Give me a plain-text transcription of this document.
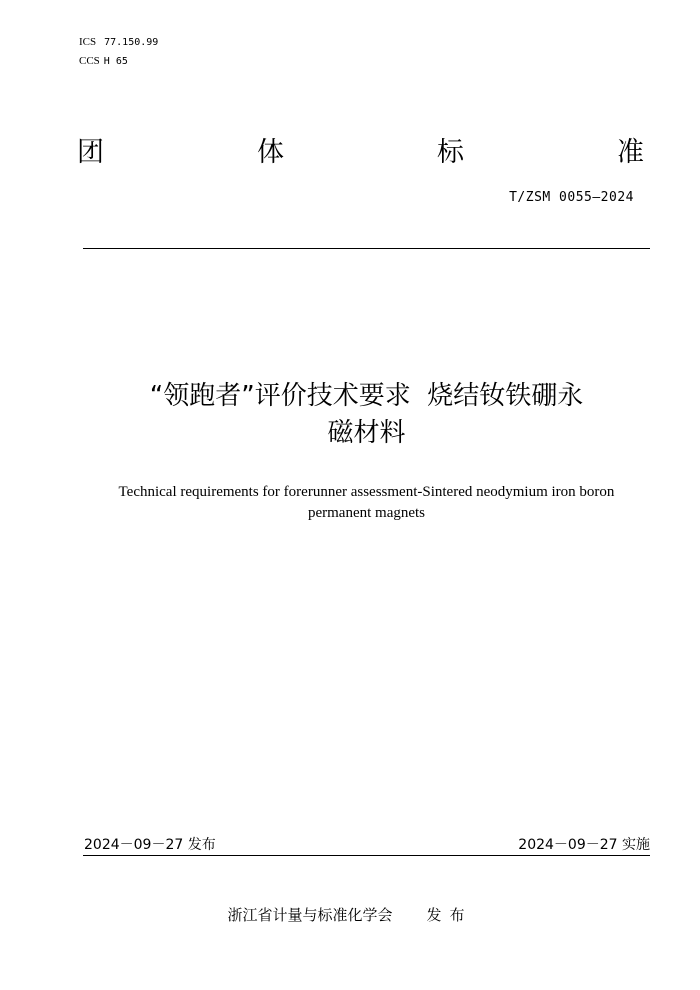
ICS 77.150.99
CCS H 65
团	体	标	准
T/ZSM 0055—2024
“领跑者”评价技术要求  烧结钕铁硼永
磁材料
Technical requirements for forerunner assessment-Sintered neodymium iron boron
permanent magnets
2024－09－27 发布	2024－09－27 实施
浙江省计量与标准化学会 发布
